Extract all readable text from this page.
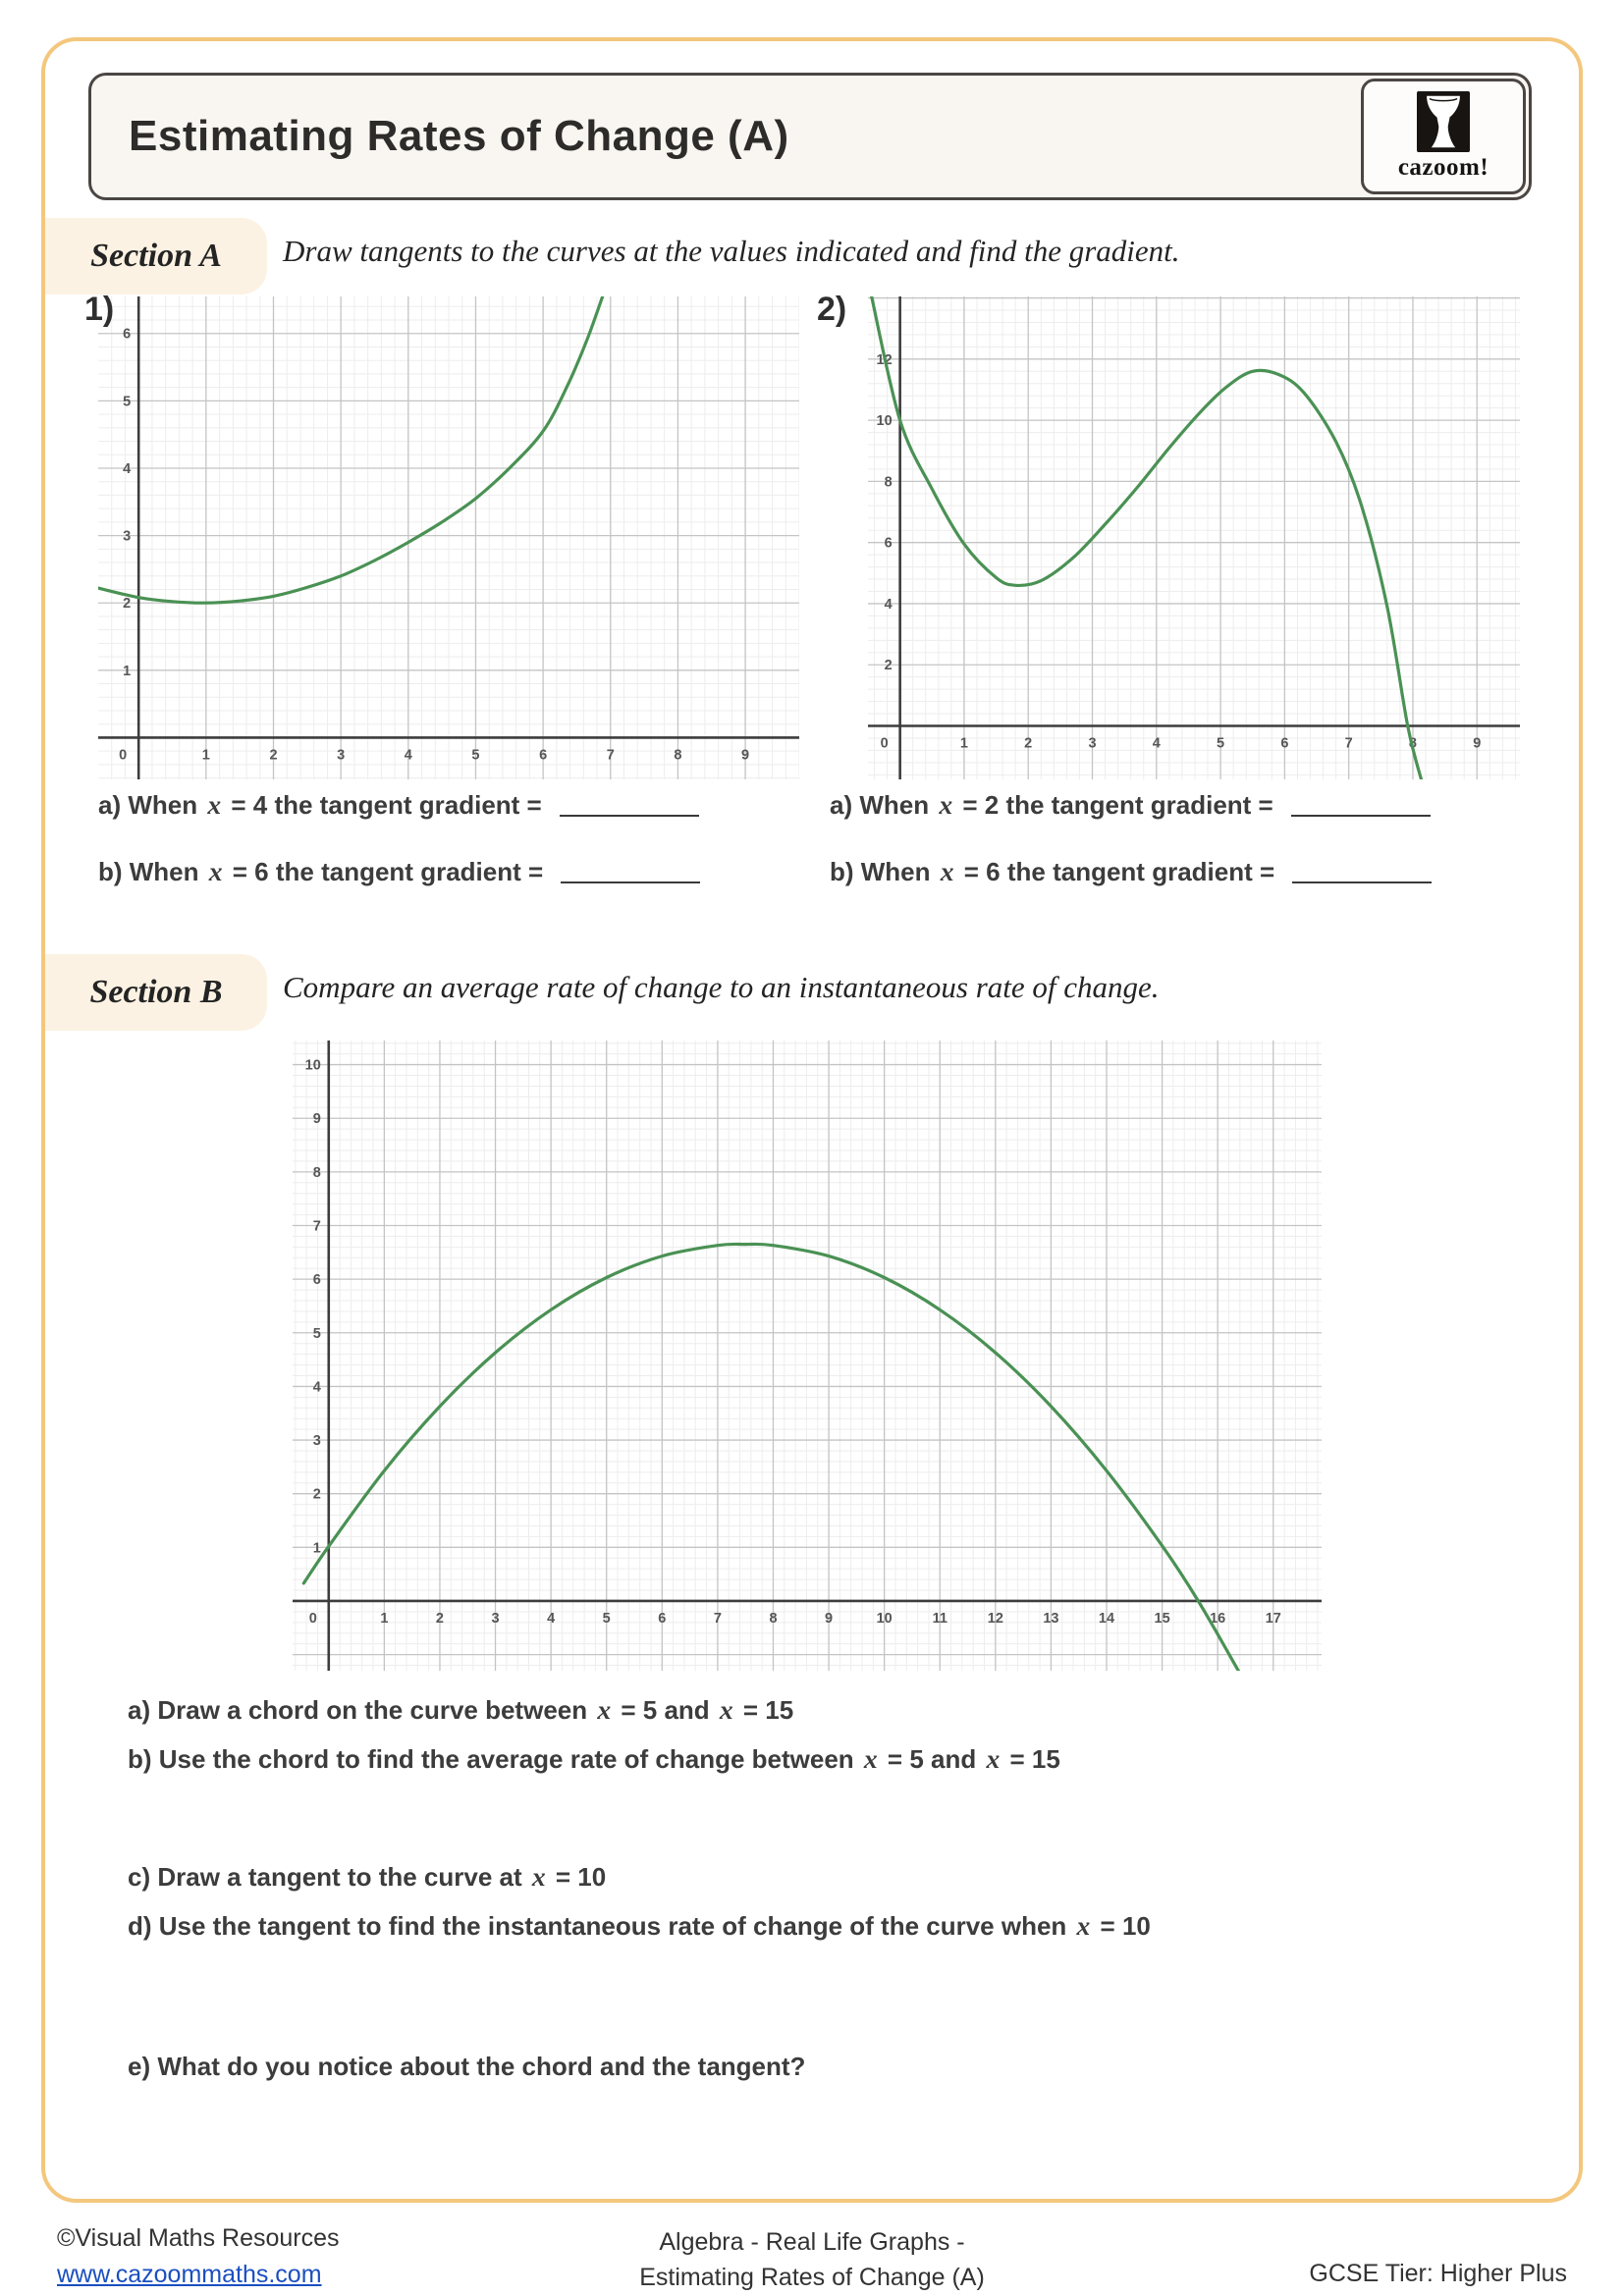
Estimating Rates of Change (A)
cazoom!
Section A	Draw tangents to the curves at the values indicated and find the gradient.
1)	2)
0	1	2	3	4	5	6	7	8	9
1
2
3
4
5
6
0	1	2	3	4	5	6	7	8	9
2
4
6
8
10
12
a) When x = 4 the tangent gradient =
b) When x = 6 the tangent gradient =
a) When x = 2 the tangent gradient =
b) When x = 6 the tangent gradient =
Section B	Compare an average rate of change to an instantaneous rate of change.
0	1	2	3	4	5	6	7	8	9	10	11	12	13	14	15	16	17
1
2
3
4
5
6
7
8
9
10
a) Draw a chord on the curve between x = 5 and x = 15
b) Use the chord to find the average rate of change between x = 5 and x = 15
c) Draw a tangent to the curve at x = 10
d) Use the tangent to find the instantaneous rate of change of the curve when x = 10
e) What do you notice about the chord and the tangent?
©Visual Maths Resources
www.cazoommaths.com
Algebra - Real Life Graphs -
Estimating Rates of Change (A)	GCSE Tier: Higher Plus
